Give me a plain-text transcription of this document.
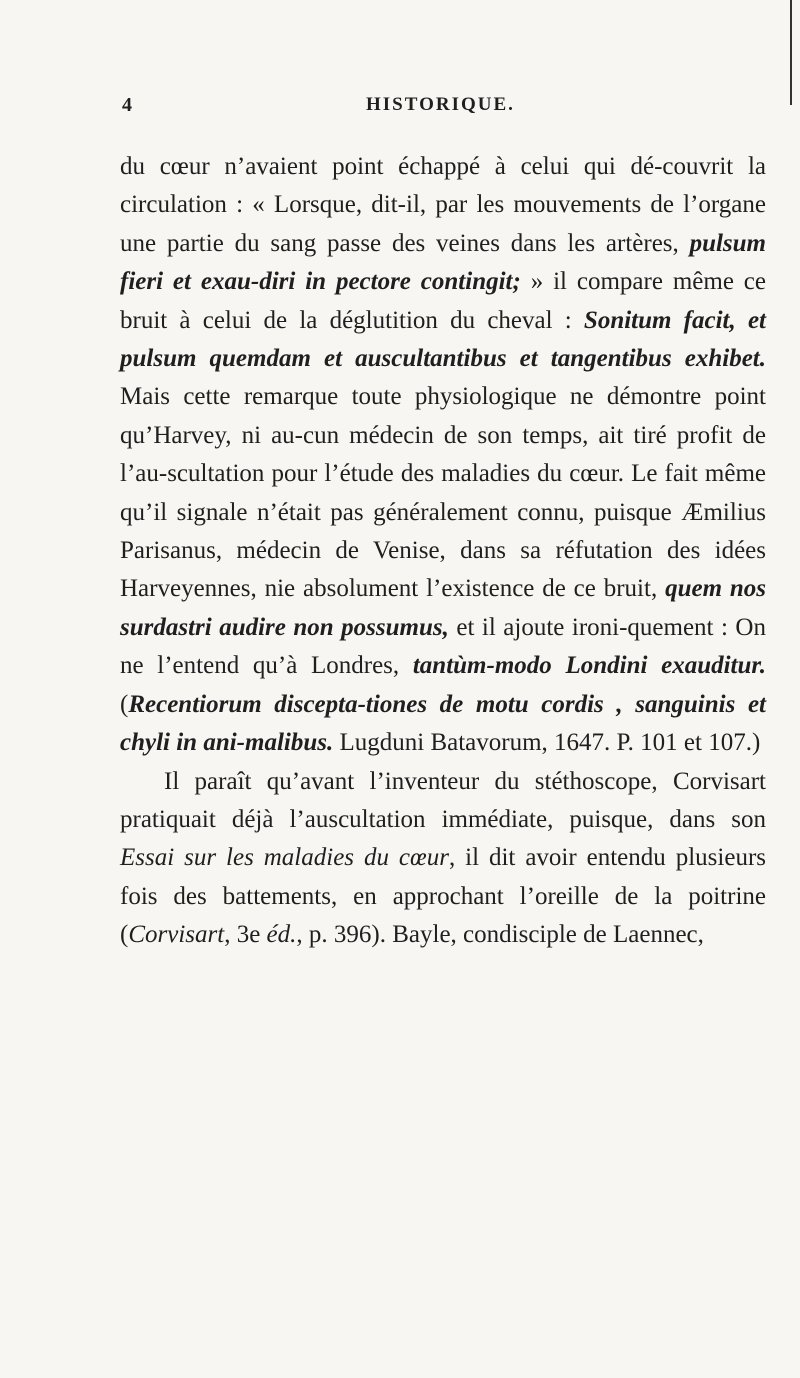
4	HISTORIQUE.

du cœur n’avaient point échappé à celui qui dé-couvrit la circulation : « Lorsque, dit-il, par les mouvements de l’organe une partie du sang passe des veines dans les artères, pulsum fieri et exau-diri in pectore contingit; » il compare même ce bruit à celui de la déglutition du cheval : Sonitum facit, et pulsum quemdam et auscultantibus et tangentibus exhibet. Mais cette remarque toute physiologique ne démontre point qu’Harvey, ni au-cun médecin de son temps, ait tiré profit de l’au-scultation pour l’étude des maladies du cœur. Le fait même qu’il signale n’était pas généralement connu, puisque Æmilius Parisanus, médecin de Venise, dans sa réfutation des idées Harveyennes, nie absolument l’existence de ce bruit, quem nos surdastri audire non possumus, et il ajoute ironi-quement : On ne l’entend qu’à Londres, tantùm-modo Londini exauditur. (Recentiorum discepta-tiones de motu cordis , sanguinis et chyli in ani-malibus. Lugduni Batavorum, 1647. P. 101 et 107.)

Il paraît qu’avant l’inventeur du stéthoscope, Corvisart pratiquait déjà l’auscultation immédiate, puisque, dans son Essai sur les maladies du cœur, il dit avoir entendu plusieurs fois des battements, en approchant l’oreille de la poitrine (Corvisart, 3e éd., p. 396). Bayle, condisciple de Laennec,
